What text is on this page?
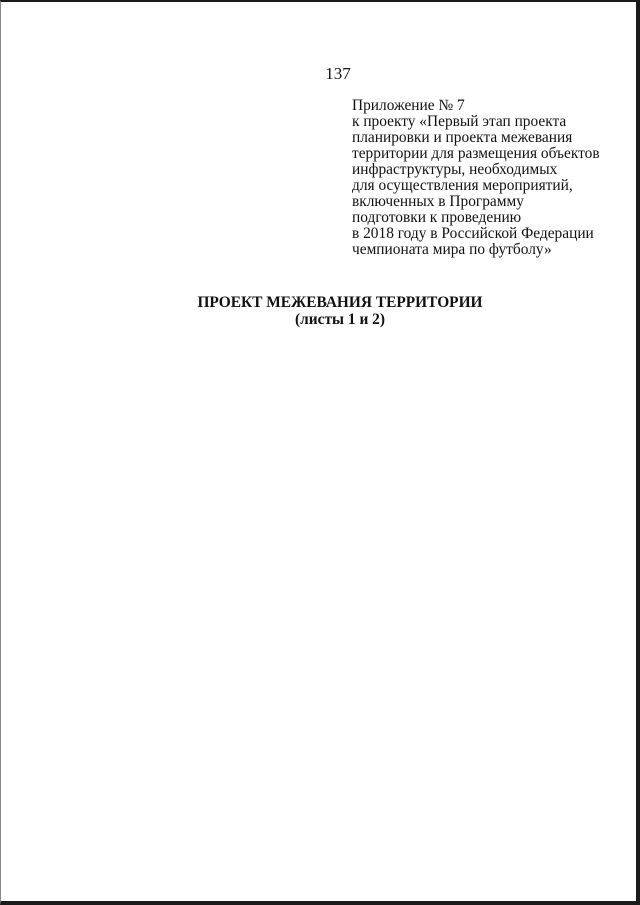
137
Приложение № 7
к проекту «Первый этап проекта
планировки и проекта межевания
территории для размещения объектов
инфраструктуры, необходимых
для осуществления мероприятий,
включенных в Программу
подготовки к проведению
в 2018 году в Российской Федерации
чемпионата мира по футболу»
ПРОЕКТ МЕЖЕВАНИЯ ТЕРРИТОРИИ
(листы 1 и 2)
